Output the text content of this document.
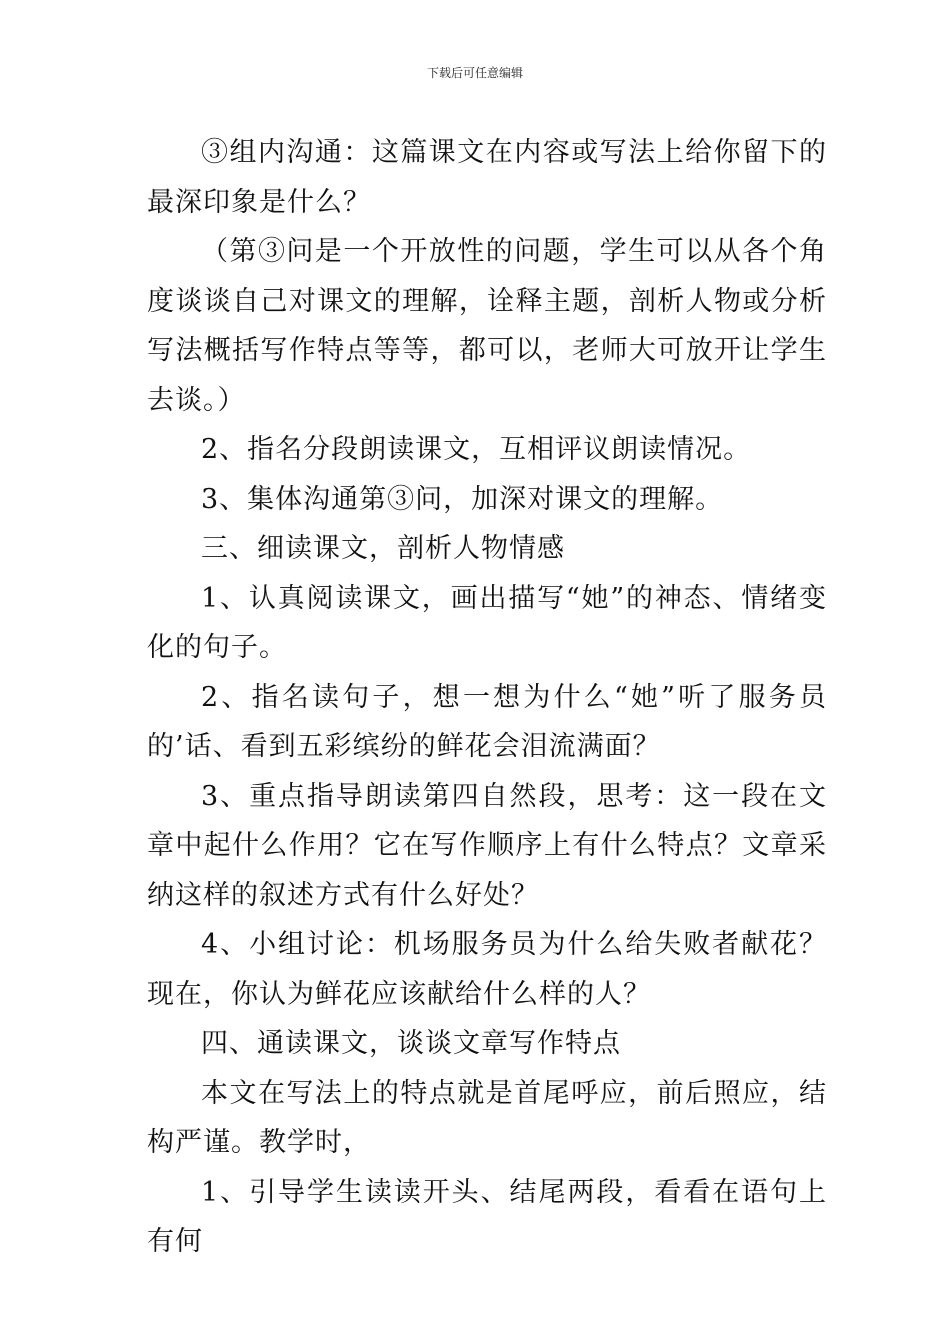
下载后可任意编辑

③组内沟通：这篇课文在内容或写法上给你留下的最深印象是什么？

（第③问是一个开放性的问题，学生可以从各个角度谈谈自己对课文的理解，诠释主题，剖析人物或分析写法概括写作特点等等，都可以，老师大可放开让学生去谈。）

2、指名分段朗读课文，互相评议朗读情况。

3、集体沟通第③问，加深对课文的理解。

三、细读课文，剖析人物情感

1、认真阅读课文，画出描写“她”的神态、情绪变化的句子。

2、指名读句子，想一想为什么“她”听了服务员的’话、看到五彩缤纷的鲜花会泪流满面？

3、重点指导朗读第四自然段，思考：这一段在文章中起什么作用？它在写作顺序上有什么特点？文章采纳这样的叙述方式有什么好处？

4、小组讨论：机场服务员为什么给失败者献花？现在，你认为鲜花应该献给什么样的人？

四、通读课文，谈谈文章写作特点

本文在写法上的特点就是首尾呼应，前后照应，结构严谨。教学时，

1、引导学生读读开头、结尾两段，看看在语句上有何
